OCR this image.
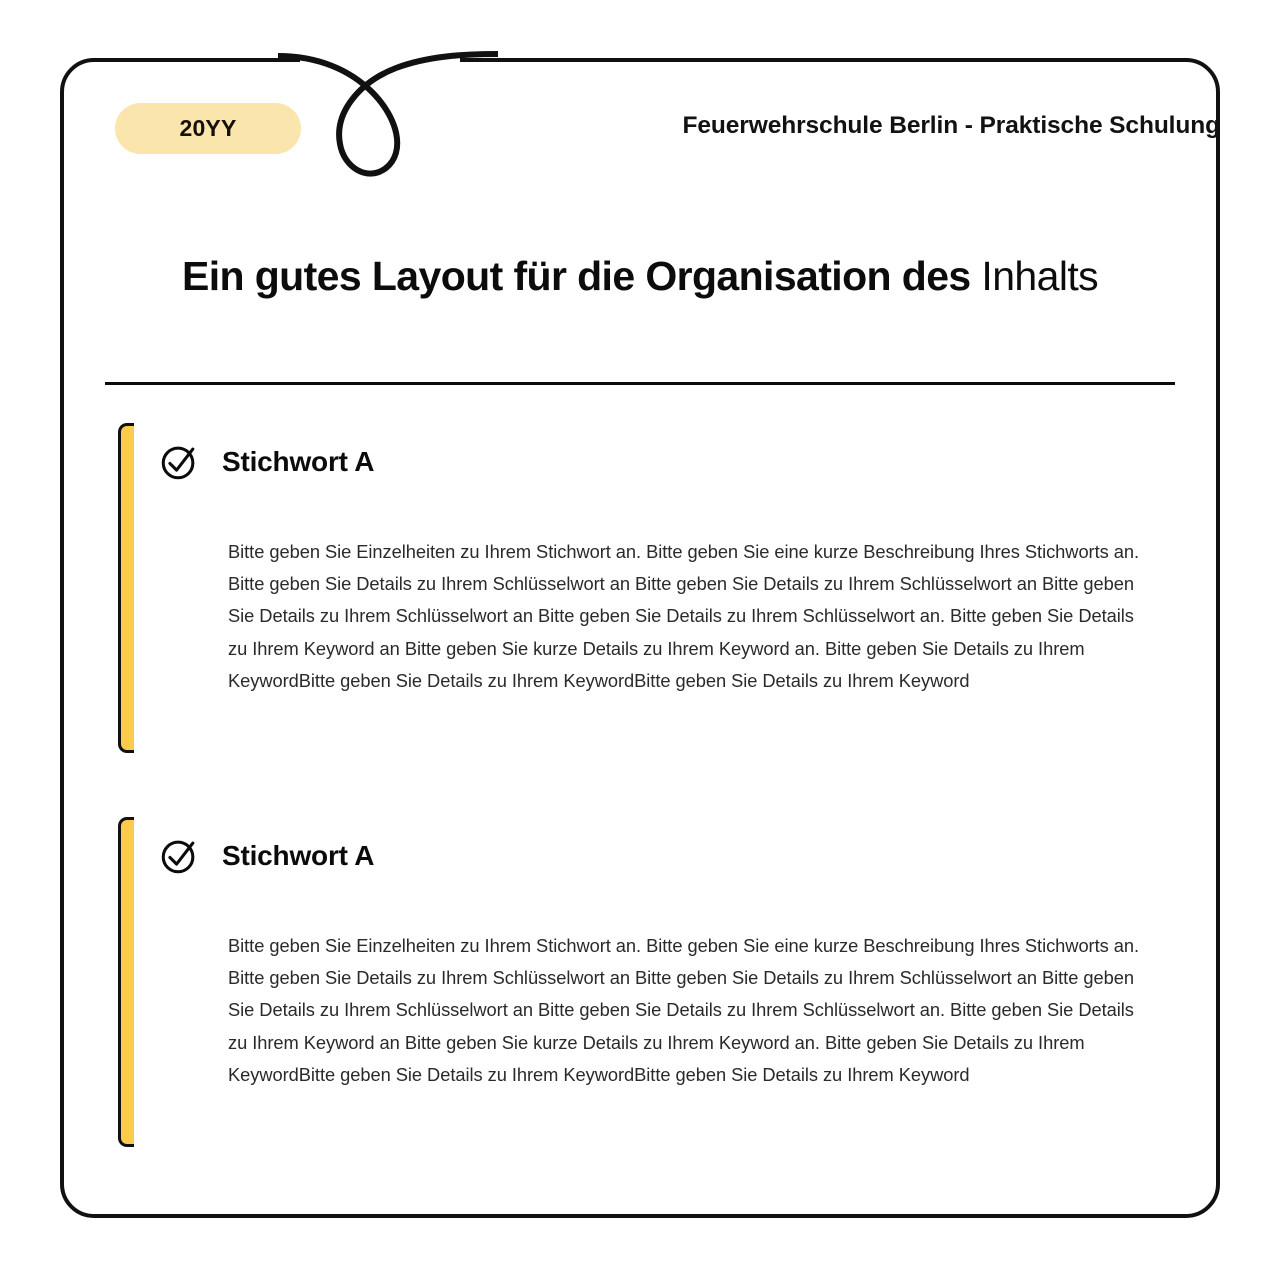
20YY	Feuerwehrschule Berlin - Praktische Schulung
Ein gutes Layout für die Organisation des Inhalts
Stichwort A
Bitte geben Sie Einzelheiten zu Ihrem Stichwort an. Bitte geben Sie eine kurze Beschreibung Ihres Stichworts an. Bitte geben Sie Details zu Ihrem Schlüsselwort an Bitte geben Sie Details zu Ihrem Schlüsselwort an Bitte geben Sie Details zu Ihrem Schlüsselwort an Bitte geben Sie Details zu Ihrem Schlüsselwort an. Bitte geben Sie Details zu Ihrem Keyword an Bitte geben Sie kurze Details zu Ihrem Keyword an. Bitte geben Sie Details zu Ihrem KeywordBitte geben Sie Details zu Ihrem KeywordBitte geben Sie Details zu Ihrem Keyword
Stichwort A
Bitte geben Sie Einzelheiten zu Ihrem Stichwort an. Bitte geben Sie eine kurze Beschreibung Ihres Stichworts an. Bitte geben Sie Details zu Ihrem Schlüsselwort an Bitte geben Sie Details zu Ihrem Schlüsselwort an Bitte geben Sie Details zu Ihrem Schlüsselwort an Bitte geben Sie Details zu Ihrem Schlüsselwort an. Bitte geben Sie Details zu Ihrem Keyword an Bitte geben Sie kurze Details zu Ihrem Keyword an. Bitte geben Sie Details zu Ihrem KeywordBitte geben Sie Details zu Ihrem KeywordBitte geben Sie Details zu Ihrem Keyword
